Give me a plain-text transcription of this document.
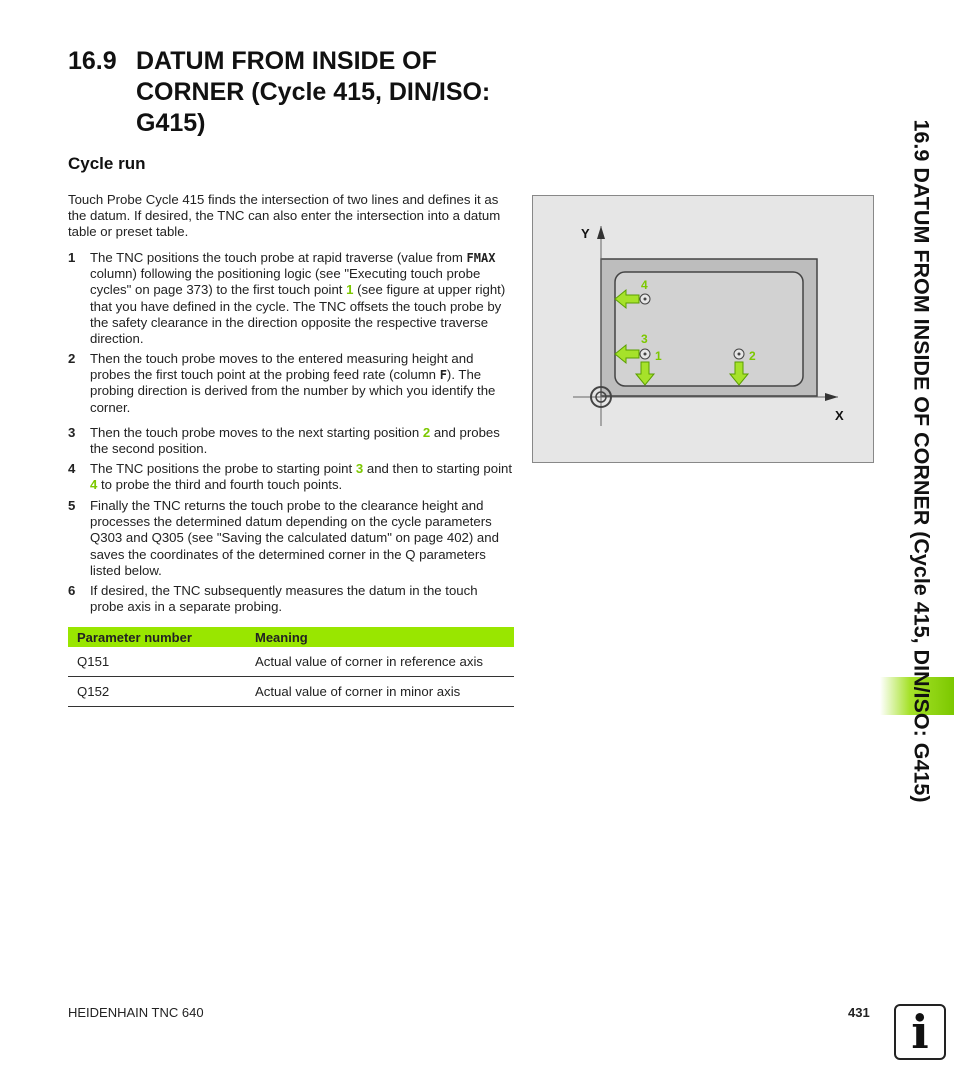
16.9 DATUM FROM INSIDE OF CORNER (Cycle 415, DIN/ISO: G415)
Cycle run
Touch Probe Cycle 415 finds the intersection of two lines and defines it as the datum. If desired, the TNC can also enter the intersection into a datum table or preset table.
1 The TNC positions the touch probe at rapid traverse (value from FMAX column) following the positioning logic (see "Executing touch probe cycles" on page 373) to the first touch point 1 (see figure at upper right) that you have defined in the cycle. The TNC offsets the touch probe by the safety clearance in the direction opposite the respective traverse direction.
2 Then the touch probe moves to the entered measuring height and probes the first touch point at the probing feed rate (column F). The probing direction is derived from the number by which you identify the corner.
3 Then the touch probe moves to the next starting position 2 and probes the second position.
4 The TNC positions the probe to starting point 3 and then to starting point 4 to probe the third and fourth touch points.
5 Finally the TNC returns the touch probe to the clearance height and processes the determined datum depending on the cycle parameters Q303 and Q305 (see "Saving the calculated datum" on page 402) and saves the coordinates of the determined corner in the Q parameters listed below.
6 If desired, the TNC subsequently measures the datum in the touch probe axis in a separate probing.
Parameter number	Meaning
Q151	Actual value of corner in reference axis
Q152	Actual value of corner in minor axis
Y
X
1	2
3
4	16.9 DATUM FROM INSIDE OF CORNER (Cycle 415, DIN/ISO: G415)
HEIDENHAIN TNC 640	431 i
